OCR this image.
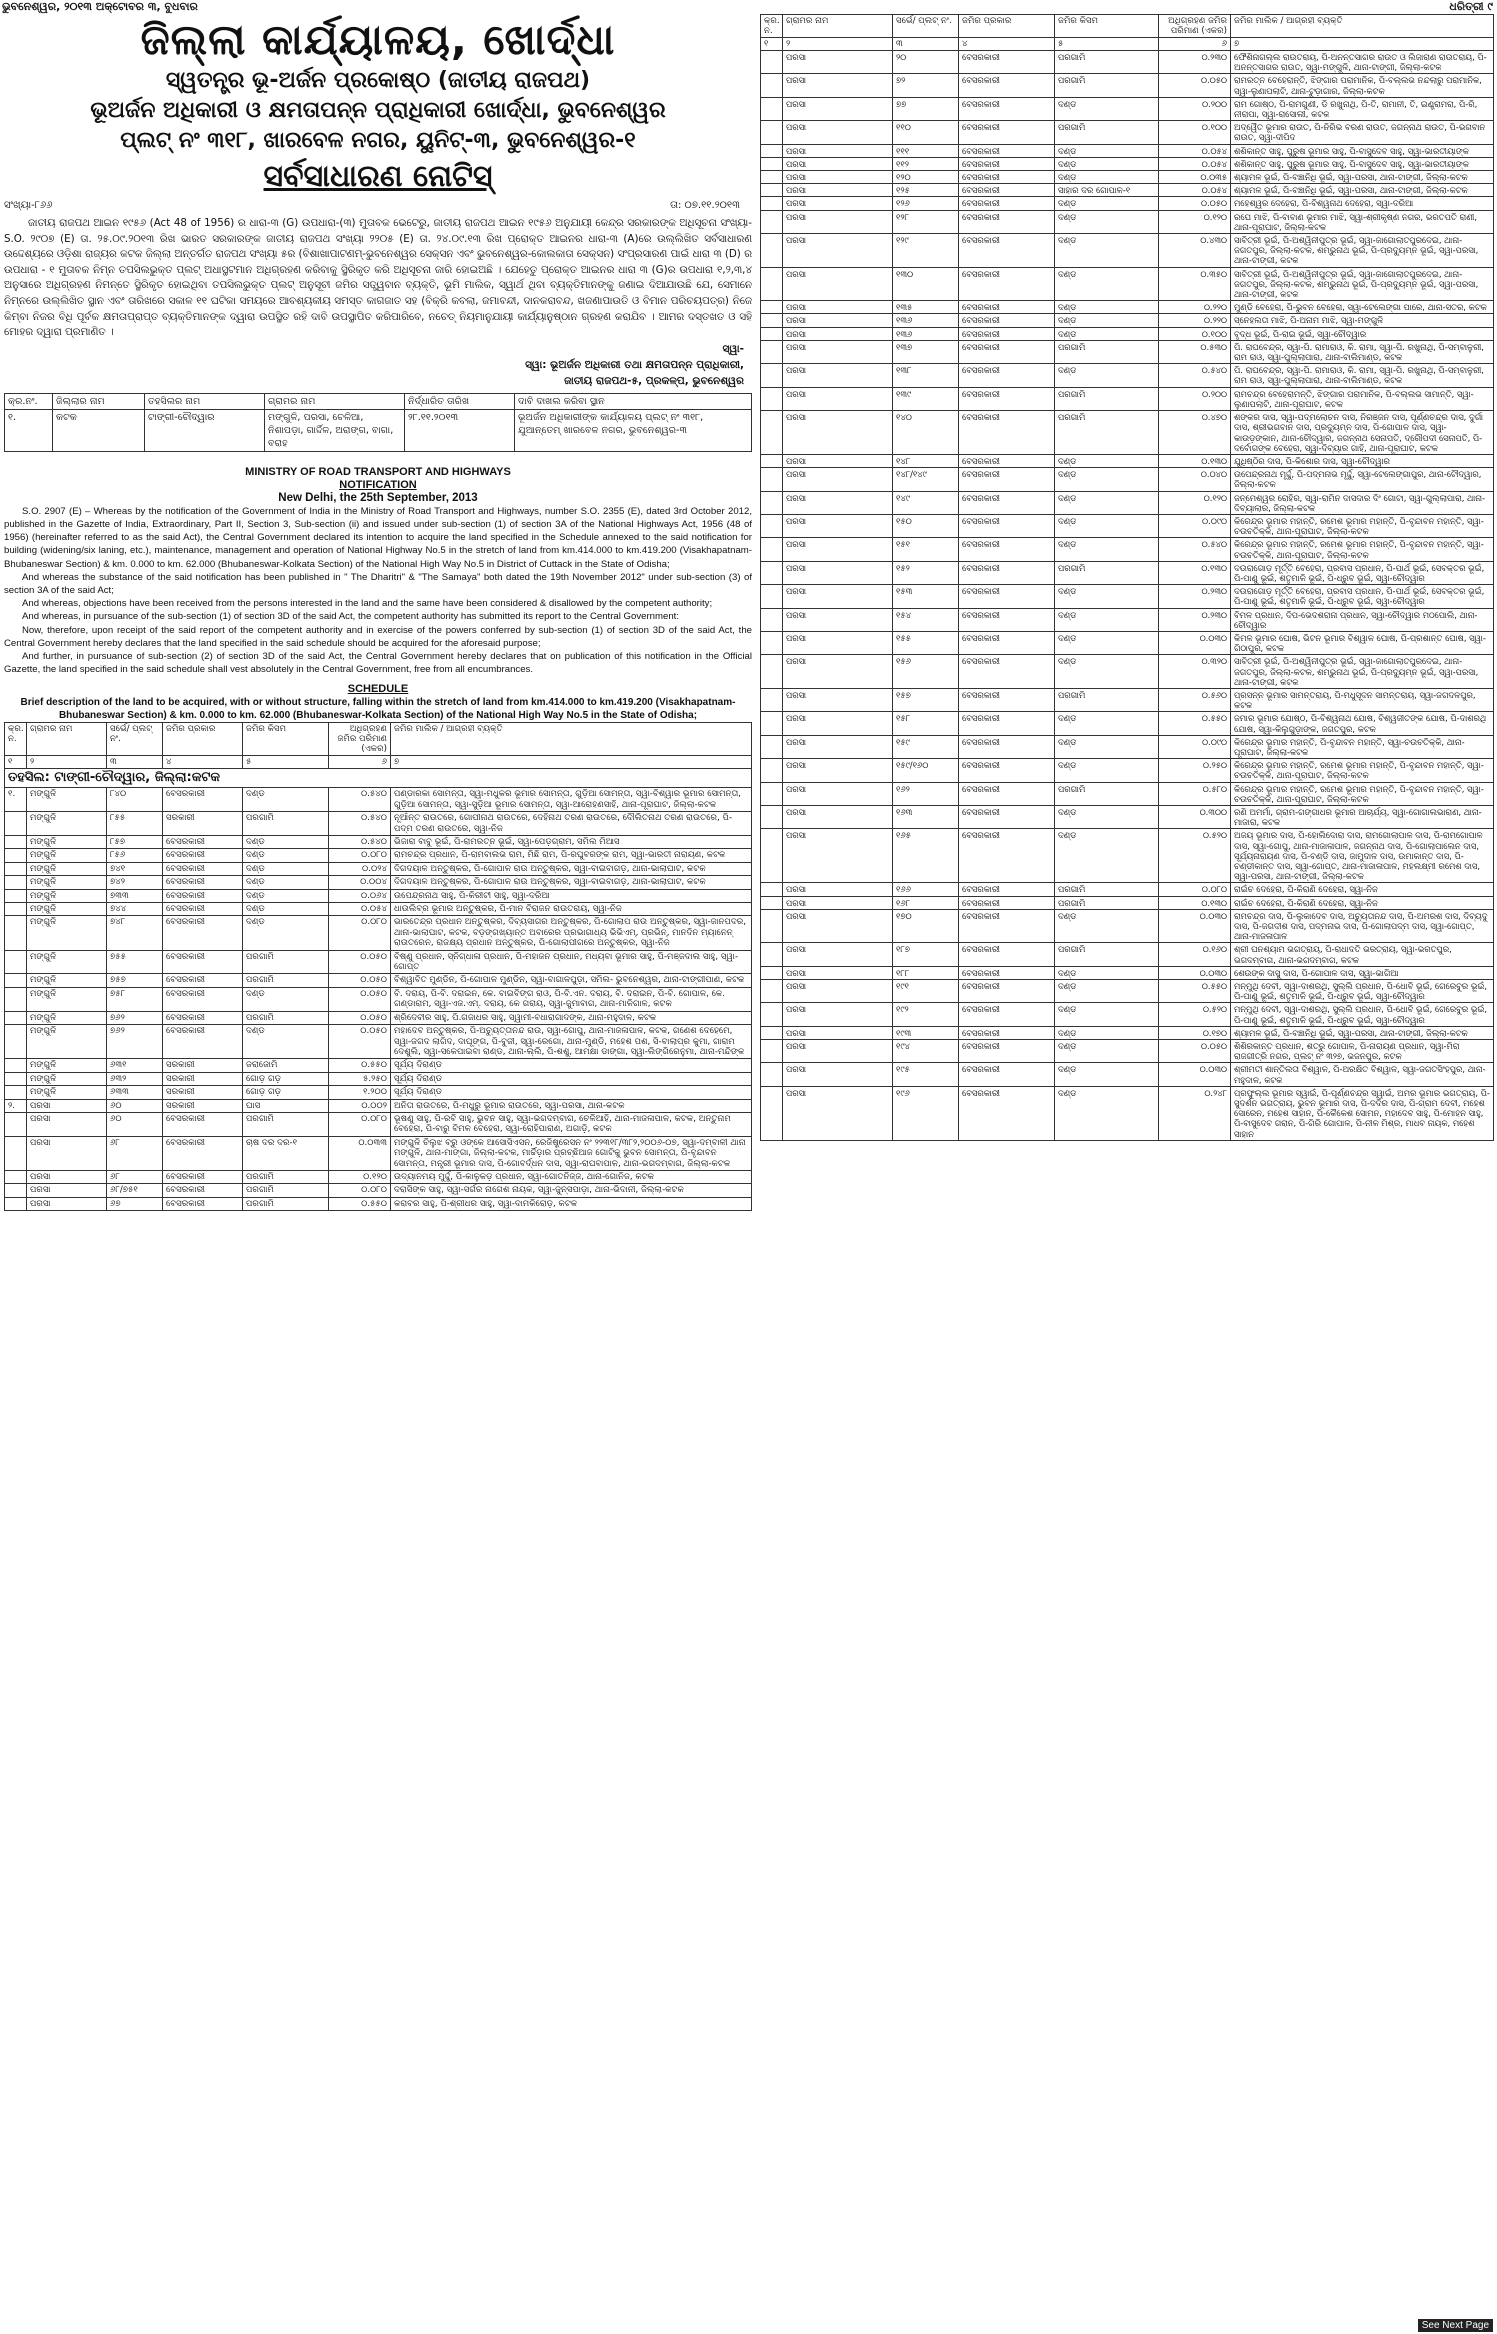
ଭୁବନେଶ୍ୱର, ୨୦୧୩ ଅକ୍ଟୋବର ୩, ବୁଧବାର	ଧରିତ୍ରୀ ୯
ଜିଲ୍ଲା କାର୍ଯ୍ୟାଳୟ, ଖୋର୍ଦ୍ଧା
ସ୍ୱତନ୍ତ୍ର ଭୂ-ଅର୍ଜନ ପ୍ରକୋଷ୍ଠ (ଜାତୀୟ ରାଜପଥ)
ଭୂଅର୍ଜନ ଅଧିକାରୀ ଓ କ୍ଷମତାପନ୍ନ ପ୍ରାଧିକାରୀ ଖୋର୍ଦ୍ଧା, ଭୁବନେଶ୍ୱର
ପ୍ଲଟ୍ ନଂ ୩୧୮, ଖାରବେଳ ନଗର, ୟୁନିଟ୍-୩, ଭୁବନେଶ୍ୱର-୧
ସର୍ବସାଧାରଣ ନୋଟିସ୍
ସଂଖ୍ୟା-୮୬୬	ତା: ୦୭.୧୧.୨୦୧୩

ଜାତୀୟ ରାଜପଥ ଆଇନ ୧୯୫୬ (Act 48 of 1956) ର ଧାରା-୩ (G) ଉପଧାରା-(୩) ମୁତାବକ ଭେଟେରୁ, ଜାତୀୟ ରାଜପଥ ଆଇନ ୧୯୫୬ ଅନୁଯାୟୀ କେନ୍ଦ୍ର ସରକାରଙ୍କ ଅଧିସୂଚନା ସଂଖ୍ୟା- S.O. ୨୯୦୭ (E) ତା. ୨୫.୦୯.୨୦୧୩ ରିଖ ଭାରତ ସରକାରଙ୍କ ଜାତୀୟ ରାଜପଥ ସଂଖ୍ୟା ୨୨୦୫ (E) ତା. ୨୪.୦୯.୧୩ ରିଖ ପ୍ରୋକ୍ତ ଆଇନର ଧାରା-୩ (A)ରେ ଉଲ୍ଲିଖିତ ସର୍ବସାଧାରଣ ଉଦ୍ଦେଶ୍ୟରେ ଓଡ଼ିଶା ରାଜ୍ୟର କଟକ ଜିଲ୍ଲା ଅନ୍ତର୍ଗତ ରାଜପଥ ସଂଖ୍ୟା ୫ର (ବିଶାଖାପାଟଣମ୍-ଭୁବନେଶ୍ୱର ସେକ୍ସନ ଏବଂ ଭୁବନେଶ୍ୱର-କୋଲକାତା ସେକ୍ସନ) ସଂପ୍ରସାରଣ ପାଇଁ ଧାରା ୩ (D) ର ଉପଧାରା - ୧ ମୁତାବକ ନିମ୍ନ ତପସିଲଭୁକ୍ତ ପ୍ଲଟ୍ ଅଧାସ୍ଥଟମାନ ଅଧିଗ୍ରହଣ କରିବାକୁ ସ୍ଥିରିକୃତ କରି ଅଧିସୂଚନା ଜାରି ହୋଇଅଛି । ଯେହେତୁ ପ୍ରୋକ୍ତ ଆଇନର ଧାରା ୩ (G)ର ଉପଧାରା ୧,୨,୩,୪ ଅନୁସାରେ ଅଧିଗ୍ରହଣ ନିମନ୍ତେ ସ୍ଥିରିକୃତ ହୋଇଥିବା ତପସିଲଭୁକ୍ତ ପ୍ଲଟ୍ ଅନୁସୂଚୀ ଜମିର ସତ୍ତ୍ୱବାନ ବ୍ୟକ୍ତି, ଭୂମି ମାଲିକ, ସ୍ୱାର୍ଥ ଥିବା ବ୍ୟକ୍ତିମାନଙ୍କୁ ଜଣାଇ ଦିଆଯାଉଛି ଯେ, ସେମାନେ ନିମ୍ନରେ ଉଲ୍ଲିଖିତ ସ୍ଥାନ ଏବଂ ତାରିଖରେ ସକାଳ ୧୧ ଘଟିକା ସମୟରେ ଆବଶ୍ୟକୀୟ ସମସ୍ତ କାଗଜାତ ସହ (ବିକ୍ରି କବଲା, ଜମାବନ୍ଦୀ, ଦାନକରାବନ୍ଦ, ଖଜଣାପାଉତି ଓ ବିମାନ ପରିଚୟପତ୍ର) ନିଜେ କିମ୍ବା ନିଜର ବିଧି ପୂର୍ବକ କ୍ଷମତାପ୍ରାପ୍ତ ବ୍ୟକ୍ତିମାନଙ୍କ ଦ୍ୱାରା ଉପସ୍ଥିତ ରହି ଦାବି ଉପସ୍ଥାପିତ କରିପାରିବେ, ନଚେତ୍ ନିୟମାନୁଯାୟୀ କାର୍ଯ୍ୟାନୁଷ୍ଠାନ ଗ୍ରହଣ କରାଯିବ । ଆମର ଦସ୍ତଖତ ଓ ସହି ମୋହର ଦ୍ୱାରା ପ୍ରମାଣିତ ।

ସ୍ୱା-
ସ୍ୱା: ଭୂଅର୍ଜନ ଅଧିକାରୀ ତଥା କ୍ଷମତାପନ୍ନ ପ୍ରାଧିକାରୀ,
ଜାତୀୟ ରାଜପଥ-୫, ପ୍ରକଳ୍ପ, ଭୁବନେଶ୍ୱର
କ୍ର.ନଂ.	ଜିଲ୍ଲାର ନାମ	ତହସିଲର ନାମ	ଗ୍ରାମର ନାମ	ନିର୍ଦ୍ଧାରିତ ତାରିଖ	ଦାବି ଦାଖଲ କରିବା ସ୍ଥାନ
୧.	କଟକ	ଟାଙ୍ଗୀ-ଚୌଦ୍ୱାର	ମଙ୍ଗୁଳି, ପରସା, ଚେଳିଆ, ନିଶାପଡ଼ା, ଗାର୍ଦ୍ଦିଳ, ଅରାଙ୍ଗ, ବାଗା, ବରାହ	୨୮.୧୧.୨୦୧୩	ଭୂଅର୍ଜନ ଅଧିକାରୀଙ୍କ କାର୍ଯ୍ୟାଳୟ ପ୍ଲଟ୍ ନଂ ୩୧୮, ଯୁଆନ୍ତେମ୍ ଖାରବେଳ ନଗର, ଭୁବନେଶ୍ୱର-୩
MINISTRY OF ROAD TRANSPORT AND HIGHWAYS
NOTIFICATION
New Delhi, the 25th September, 2013

S.O. 2907 (E) – Whereas by the notification of the Government of India in the Ministry of Road Transport and Highways, number S.O. 2355 (E), dated 3rd October 2012, published in the Gazette of India, Extraordinary, Part II, Section 3, Sub-section (ii) and issued under sub-section (1) of section 3A of the National Highways Act, 1956 (48 of 1956) (hereinafter referred to as the said Act), the Central Government declared its intention to acquire the land specified in the Schedule annexed to the said notification for building (widening/six laning, etc.), maintenance, management and operation of National Highway No.5 in the stretch of land from km.414.000 to km.419.200 (Visakhapatnam-Bhubaneswar Section) & km. 0.000 to km. 62.000 (Bhubaneswar-Kolkata Section) of the National High Way No.5 in District of Cuttack in the State of Odisha;

And whereas the substance of the said notification has been published in " The Dharitri" & "The Samaya" both dated the 19th November 2012" under sub-section (3) of section 3A of the said Act;

And whereas, objections have been received from the persons interested in the land and the same have been considered & disallowed by the competent authority;

And whereas, in pursuance of the sub-section (1) of section 3D of the said Act, the competent authority has submitted its report to the Central Government:

Now, therefore, upon receipt of the said report of the competent authority and in exercise of the powers conferred by sub-section (1) of section 3D of the said Act, the Central Government hereby declares that the land specified in the said schedule should be acquired for the aforesaid purpose;

And further, in pursuance of sub-section (2) of section 3D of the said Act, the Central Government hereby declares that on publication of this notification in the Official Gazette, the land specified in the said schedule shall vest absolutely in the Central Government, free from all encumbrances.

SCHEDULE
Brief description of the land to be acquired, with or without structure, falling within the stretch of land from km.414.000 to km.419.200 (Visakhapatnam-Bhubaneswar Section) & km. 0.000 to km. 62.000 (Bhubaneswar-Kolkata Section) of the National High Way No.5 in the State of Odisha;
କ୍ର. ନ.	ଗ୍ରାମର ନାମ	ସର୍ଭେ/ ପ୍ଲଟ୍ ନଂ.	ଜମିର ପ୍ରକାର	ଜମିର କିସମ	ଅଧିଗ୍ରହଣ ଜମିର ପରିମାଣ (ଏକର)	ଜମିର ମାଲିକ / ଆଗ୍ରହୀ ବ୍ୟକ୍ତି
୧	୨	୩	୪	୫	୬	୭
ତହସିଲ: ଟାଙ୍ଗୀ-ଚୌଦ୍ୱାର, ଜିଲ୍ଲା:କଟକ						
୧.	ମଙ୍ଗୁଳି	୮୪୦	ବେସରକାରୀ	ଦଣ୍ଡ	୦.୫୪୦	ପଣ୍ଡାରକା ସୋମନ୍ତା, ସ୍ୱା-ମଧୁକର ଭୂମାର ସୋମନ୍ତା, ଗୁଡ଼ିଆ ସୋମନ୍ତା, ସ୍ୱା-ବିଶ୍ୱାର ଭୂମାର ସୋମନ୍ତା, ଗୁଡ଼ିଆ ସୋମନ୍ତା, ସ୍ୱା-ସୁଡ଼ିଆ ଭୂମାର ସୋମନ୍ତା, ସ୍ୱା-ଆରୋହଣସାହି, ଥାନା-ପୂରାଘାଟ, ଜିଲ୍ଲା-କଟକ
	ମଙ୍ଗୁଳି	୮୫୫	ସରକାରୀ	ପରଗାମି	୦.୫୪୦	ନୂଆଁନ୍ତ ରାଉତରେ, ଗୋପୀନାଥ ରାଉତରେ, ଦେହିନାଥ ତରଣ ରାଉତରେ, ଦୌଲିତନାଥ ତରଣ ରାଉତରେ, ପି-ପଦ୍ମ ତରଣ ରାଉତରେ, ସ୍ୱା-ନିଜ
	ମଙ୍ଗୁଳି	୮୫୭	ବେସରକାରୀ	ଦଣ୍ଡ	୦.୫୪୦	ଭିଜାରା ବାବୁ ଭୂଇଁ, ପି-ରାମରତ୍ନ ଭୂଇଁ, ସ୍ୱା-ପେଡ଼ଗ୍ରାମ, ସମିଲ ମିଆସ
	ମଙ୍ଗୁଳି	୮୫୬	ବେସରକାରୀ	ଦଣ୍ଡ	୦.୦୮୦	ରାମଚନ୍ଦ୍ର ପ୍ରଧାନ, ପି-ରାମବାଲଭ ରାମ, ମିଛି ରାମ, ପି-ରଘୁବରଙ୍କ ରାମ, ସ୍ୱା-ଭାରତୀ ନାରାୟଣ, କଟକ
	ମଙ୍ଗୁଳି	୭୪୧	ବେସରକାରୀ	ଦଣ୍ଡ	୦.୦୨୪	ଦିଗଦୟାଳ ଅନ୍ତୁଷ୍କର, ପି-ଗୋପାଳ ରାଉ ଅନ୍ତୁଷ୍କର, ସ୍ୱା-ବାଇବାଗଡ଼, ଥାନା-ଭାଲାଘାଟ, କଟକ
	ମଙ୍ଗୁଳି	୭୪୨	ବେସରକାରୀ	ଦଣ୍ଡ	୦.୦୦୪	ଦିଗଦୟାଳ ଅନ୍ତୁଷ୍କର, ପି-ଗୋପାଳ ରାଉ ଅନ୍ତୁଷ୍କର, ସ୍ୱା-ବାଇବାଗଡ଼, ଥାନା-ଭାଲାଘାଟ, କଟକ
	ମଙ୍ଗୁଳି	୭୩୩	ବେସରକାରୀ	ଦଣ୍ଡ	୦.୦୬୪	ଉପେନ୍ଦ୍ରନାଥ ସାହୁ, ପି-କିରୀଟୀ ସାହୁ, ସ୍ୱା-ଦରିଆ
	ମଙ୍ଗୁଳି	୭୪୪	ବେସରକାରୀ	ଦଣ୍ଡ	୦.୦୫୪	ଧାଉଲିବ୍ର ଭୂମାର ଅନ୍ତୁଷ୍କର, ପି-ମାନ ବିରାଜନ ରାଉତରାୟ, ସ୍ୱା-ନିଜ
	ମଙ୍ଗୁଳି	୭୪୮	ବେସରକାରୀ	ଦଣ୍ଡ	୦.୦୮୦	ଭାରତେନ୍ଦ୍ର ପ୍ରଧାନ ଅନ୍ତୁଷ୍କର, ଦିବ୍ୟସାଗର ଅନ୍ତୁଷ୍କର, ପି-ଗୋଲାପ ରାଉ ଅନ୍ତୁଷ୍କର, ସ୍ୱା-ଜାନପଦର, ଥାନା-ଭାଲାଘାଟ, କଟକ, ବଡ଼ଙ୍ଗଖ୍ୟାନ୍ତ ଅବାରେର ପ୍ରଭାଗାଧ୍ୟ ଭିଭିଏମ୍, ପ୍ରଭିନ୍, ମାନଦିନ ମ୍ୟାନେନ୍ ରାଉତରେନ, ରାଜକ୍ଷ୍ୟ ପ୍ରଧାନ ଅନ୍ତୁଷ୍କର, ପି-ଗୋଲାପୀଗରେ ଅନ୍ତୁଷ୍କର, ସ୍ୱା-ନିଜ
	ମଙ୍ଗୁଳି	୭୫୫	ବେସରକାରୀ	ପରଗାମି	୦.୦୫୦	ବିଷ୍ଣୁ ପ୍ରଧାନ, ସ୍ନିଗ୍ଧାଳା ପ୍ରଧାନ, ପି-ମହାଜନ ପ୍ରଧାନ, ମଧ୍ୟବା ଭୂମାର ସାହୁ, ପି-ମଞ୍ଜଦାଲ ସାହୁ, ସ୍ୱା-ଗୋପ୍ତ
	ମଙ୍ଗୁଳି	୭୫୭	ବେସରକାରୀ	ପରଗାମି	୦.୦୫୦	ବିଶ୍ୱାବିତ ମୁଣ୍ଡିନ, ପି-ଗୋପାଳ ମୁଣ୍ଡିନ, ସ୍ୱା-ବାଗାଳପୁଡ଼ା, ସମିଲ- ଭୁବନେଶ୍ୱର, ଥାନା-ଟାଙ୍ଗୀପାଣ, କଟକ
	ମଙ୍ଗୁଳି	୭୫୮	ବେସରକାରୀ	ଦଣ୍ଡ	୦.୦୫୦	ବି. ଦରାୟ, ପି-ବି. ଦରାଇନ, କେ. ବାଇବିଙ୍ଗ ରାଓ, ପି-ବି.ଏନ. ଦରାୟ, ବି. ଦରାଇନ, ପି-ବି. ଗୋପାଳ, କେ. ଗଣ୍ଡାରାମ, ସ୍ୱା-ଏଜ.ଏମ୍. ଦରାୟ, କେ ଗରାୟ, ସ୍ୱା-ଜୁମାବାଗ, ଥାନା-ମାଳିଗାଳ, କଟକ
	ମଙ୍ଗୁଳି	୭୬୨	ବେସରକାରୀ	ପରଗାମି	୦.୦୫୦	ଶ୍ରିଦେବୀର ସାହୁ, ପି.ଗଜାଧର ସାହୁ, ସ୍ୱାମୀ-ବଧାରାଗାଦଙ୍କ, ଥାନା-ମହୁଦାଳ, କଟକ
	ମଙ୍ଗୁଳି	୭୬୨	ବେସରକାରୀ	ଦଣ୍ଡ	୦.୦୫୦	ମହାଦେବ ଅନ୍ତୁଷ୍କର, ପି-ଅଚ୍ୟୁତ୍ତାନନ୍ଦ ରାଉ, ସ୍ୱା-ଗୋପୁ, ଥାନା-ମାଜଳାପାଳ, କଟକ, ଗଣେଶ ଦେହେମେ, ସ୍ୱା-ଜଗଦ ଲାଗିଦ, ଦାଘୂଙ୍ଗ, ପି-ବୁଜୀ, ସ୍ୱା-ରେଗୋ, ଥାନା-ମୁଣ୍ଡି, ମହେଶ ପଶ, ସି-ବାଲାପ୍ର କୁମା, ଗାରାମ ଦେଶୁଲି, ସ୍ୱା-ସକେପାଇବା ରାଣ୍ଡ, ଥାନା-ଲ୍ଲି, ପି-ଶଶୁ, ଆମକ୍ଷା ଡାଙ୍ଗା, ସ୍ୱା-ଲିଙ୍ଗିରେନୁମା, ଥାନା-ମନ୍ଦିଙ୍କ
	ମଙ୍ଗୁଳି	୬୩୧	ସରକାରୀ	ଜରାଜୋମି	୦.୫୫୦	ସୂର୍ଯ୍ୟ ଦିରାଣ୍ଡ
	ମଙ୍ଗୁଳି	୬୩୨	ସରକାରୀ	ଗୋଡ଼ ଗଡ଼	୫.୨୫୦	ସୂର୍ଯ୍ୟ ଦିରାଣ୍ଡ
	ମଙ୍ଗୁଳି	୬୩୩	ସରକାରୀ	ଗୋଡ଼ ଗଡ଼	୧.୨୦୦	ସୂର୍ଯ୍ୟ ଦିରାଣ୍ଡ
୨.	ପରସା	୬୦	ସରକାରୀ	ଘାସ	୦.୦୦୨	ଅନିତା ରାଉତରେ, ପି-ମଧୁରୁ ଭୂମାର ରାଉତରେ, ସ୍ୱା-ପରସା, ଥାନା-କଟକ
	ପରସା	୬୦	ବେସରକାରୀ	ପରଗାମି	୦.୦୮୦	ଭୂଷଣୁ ସାହୁ, ପି-ରବି ସାହୁ, ଭୁବନ ସାହୁ, ସ୍ୱା-ଭଗଦମ୍ବାଗ, ଚେଳିଆହି, ଥାନା-ମାଜଳାପାଳ, କଟକ, ଅନ୍ତୁନାମ ବେହେରା, ପି-ବାରୁ ବିମଳ ବେହେରା, ସ୍ୱା-ରୋହିପାରାଣ, ଅଗାଡ଼ି, କଟକ
	ପରସା	୬୮	ବେସରକାରୀ	ଚାଷ ଦର ଦର-୧	୦.୦୩୩	ମଙ୍ଗୁଳି ଚିଲୁଝ ବ୍ରୁ ଓଙ୍କେ ଆସୋସିଏସନ, ରେଜିଷ୍ଟ୍ରେସନ ନଂ ୨୨୩୧୮/୩୮୨,୨୦୦୬-୦୭, ସ୍ୱା-ଦମ୍ବାଳୀ ଥାନା ମଙ୍ଗୁଳି, ଥାନା-ମାଙ୍ଗା, ଜିଲ୍ଲା-କଟକ, ମାର୍ଚ୍ଚିଡ଼ାର ପ୍ରଚ୍ଛିଆଜ ଗୋଟିକୁ ଭୁବନ ସୋମନ୍ତା, ପି-ବୃନ୍ଦାବନ ସୋମନ୍ତା, ମନ୍ତ୍ରୀ ଭୂମାର ଦାସ, ପି-ଗୋବର୍ଦ୍ଧନ ଦାସ, ସ୍ୱା-ରାଘବାପାଳ, ଥାନା-ଭଗଦମ୍ବାଗ, ଜିଲ୍ଲା-କଟକ
	ପରସା	୬୮	ବେସରକାରୀ	ପରଗାମି	୦.୧୨୦	ଉଦ୍ୟାନମୟ ମୁର୍ଦ୍ଦୁ, ପି-କାଳୁକଡ଼ ପ୍ରଧାନ, ସ୍ୱା-ଗୋତନିଜ୍ଜ, ଥାନା-ଗୋନିଜ, କଟକ
	ପରସା	୬୮/୭୫୧	ବେସରକାରୀ	ପରଗାମି	୦.୦୮୦	ଦରାସିଙ୍କ ସାହୁ, ସ୍ୱା-ସର୍ଗର ନାଗେଶ ନାୟକ, ସ୍ୱା-ଜୁନ୍ସପାଡ଼ା, ଥାନା-ଭିଦାନୀ, ଜିଲ୍ଲା-କଟକ
	ପରସା	୬୭	ବେସରକାରୀ	ପରଗାମି	୦.୫୫୦	କରାବର ସାହୁ, ପି-ଶ୍ରୀଧର ସାହୁ, ସ୍ୱା-ଦାମକିରୋଡ଼, କଟକ
କ୍ର. ନ.	ଗ୍ରାମର ନାମ	ସର୍ଭେ/ ପ୍ଲଟ୍ ନଂ.	ଜମିର ପ୍ରକାର	ଜମିର କିସମ	ଅଧିଗ୍ରହଣ ଜମିର ପରିମାଣ (ଏକର)	ଜମିର ମାଲିକ / ଆଗ୍ରହୀ ବ୍ୟକ୍ତି
୧	୨	୩	୪	୫	୬	୭
	ପରସା	୨୦	ବେସରକାରୀ	ପରଗାମି	୦.୨୩୦	ଫୈଶିନାଗଲ୍ଲ ରାଉତରାୟ, ପି-ଅନନ୍ତସାଗର ରାଉତ ଓ ଲିଜାରାଣ ରାଉତରାୟ, ପି-ଅନନ୍ତସାଗର ରାଉତ, ସ୍ୱା-ମଙ୍ଗୁଳି, ଥାନା-ଟାଙ୍ଗୀ, ଜିଲ୍ଲା-କଟକ
	ପରସା	୭୨	ବେସରକାରୀ	ପରଗାମି	୦.୦୫୦	ରାମରତ୍ନ ବେହେରାନ୍ତି, ଝିଙ୍ଗାର ପରାମାନିକ, ପି-ବଲ୍ଲଭ ନନ୍ଦଲାରୁ ପରାମାନିକ, ସ୍ୱା-ଲୁଣାପଲାଟି, ଥାନା-ଟୁଡ଼ାଗାର, ଜିଲ୍ଲା-କଟକ
	ପରସା	୭୭	ବେସରକାରୀ	ଦଣ୍ଡ	୦.୨୦୦	ରାମ ଗୋଷ୍ଠ, ପି-ରାମଗୁଣୀ, ଡି ରଖୁନାଥି, ପି-ତି, ରାମାନୀ, ତି, ଇଣ୍ଡ୍ରାମରା, ପି-ରି, ନୀରାପା, ସ୍ୱା-ରାସୋଲୀ, କଟକ
	ପରସା	୧୧୦	ବେସରକାରୀ	ପରଗାମି	୦.୧୦୦	ଅଦ୍ୱୈତ ଭୂମାର ରାଉତ, ପି-ନିରିଭ ବରଣ ରାଉତ, ଜଗନ୍ନାଥ ରାଉତ, ପି-ଭଗବାନ ରାଉତ, ସ୍ୱା-ଦୀପିଦ
	ପରସା	୧୧୧	ବେସରକାରୀ	ଦଣ୍ଡ	୦.୦୫୪	ଶଶିକାନ୍ତ ସାହୁ, ପୁରୁଷ ଭୂମାର ସାହୁ, ପି-ବାସୁଦେବ ସାହୁ, ସ୍ୱା-ଭାରତୀୟାଙ୍କ
	ପରସା	୧୧୨	ବେସରକାରୀ	ଦଣ୍ଡ	୦.୦୫୪	ଶଶିକାନ୍ତ ସାହୁ, ପୁରୁଷ ଭୂମାର ସାହୁ, ପି-ବାସୁଦେବ ସାହୁ, ସ୍ୱା-ଭାରତୀୟାଙ୍କ
	ପରସା	୧୨୦	ବେସରକାରୀ	ଦଣ୍ଡ	୦.୦୩୫	ଶ୍ୟାମଳ ଭୂଇଁ, ପି-ବଞ୍ଚାନିଧି ଭୂଇଁ, ସ୍ୱା-ପରସା, ଥାନା-ଟାଙ୍ଗୀ, ଜିଲ୍ଲା-କଟକ
	ପରସା	୧୨୫	ବେସରକାରୀ	ସାହାର ଦର ଗୋପାଳ-୧	୦.୦୫୪	ଶ୍ୟାମଳ ଭୂଇଁ, ପି-ବଞ୍ଚାନିଧି ଭୂଇଁ, ସ୍ୱା-ପରସା, ଥାନା-ଟାଙ୍ଗୀ, ଜିଲ୍ଲା-କଟକ
	ପରସା	୧୨୬	ବେସରକାରୀ	ଦଣ୍ଡ	୦.୦୫୦	ମହେଶ୍ୱର ଦେହେରା, ପି-ବିଶ୍ୱନାଥ ଦେହେରା, ସ୍ୱା-ଦରିଆ
	ପରସା	୧୨୮	ବେସରକାରୀ	ଦଣ୍ଡ	୦.୧୨୦	ରଘେ ମାଝି, ପି-ବାବାଣ ଭୂମାର ମାଝି, ସ୍ୱା-ଶ୍ରୀକୃଷ୍ଣ ନଗର, ଭରତପତି ରାଣୀ, ଥାନା-ପୂରାଘାଟ, ଜିଲ୍ଲା-କଟକ
	ପରସା	୧୨୯	ବେସରକାରୀ	ଦଣ୍ଡ	୦.୪୩୦	ସାବିତ୍ରୀ ଭୂଇଁ, ପି-ଅଶ୍ୱିନୀପୁତ୍ର ଭୂଇଁ, ସ୍ୱା-ଜାଗୋଲାତପୁରଦେଇ, ଥାନା-ଜଗତପୁର, ଜିଲ୍ଲା-କଟକ, ଶମ୍ଭୁନାଥ ଭୂଇଁ, ପି-ପ୍ରଦ୍ୟୁମ୍ନ ଭୂଇଁ, ସ୍ୱା-ପରସା, ଥାନା-ଟାଙ୍ଗୀ, କଟକ
	ପରସା	୧୩୦	ବେସରକାରୀ	ଦଣ୍ଡ	୦.୩୫୦	ସାବିତ୍ରୀ ଭୂଇଁ, ପି-ଅଶ୍ୱିନୀପୁତ୍ର ଭୂଇଁ, ସ୍ୱା-ଜାଗୋଲାତପୁରଦେଇ, ଥାନା-ଜଗତପୁର, ଜିଲ୍ଲା-କଟକ, ଶମ୍ଭୁନାଥ ଭୂଇଁ, ପି-ପ୍ରଦ୍ୟୁମ୍ନ ଭୂଇଁ, ସ୍ୱା-ପରସା, ଥାନା-ଟାଙ୍ଗୀ, କଟକ
	ପରସା	୧୩୫	ବେସରକାରୀ	ଦଣ୍ଡ	୦.୨୨୦	ମୁଣ୍ଡି ବେହେରା, ପି-ଭୁବନ ବେହେରା, ସ୍ୱା-ଟେଲେଙ୍ଗା ପାରେ, ଥାନା-ସତର, କଟକ
	ପରସା	୧୩୬	ବେସରକାରୀ	ଦଣ୍ଡ	୦.୨୨୦	ସ୍ନେହଲତା ମାଝି, ପି-ଅନାମ ମାଝି, ସ୍ୱା-ମଙ୍ଗୁଳି
	ପରସା	୧୩୬	ବେସରକାରୀ	ଦଣ୍ଡ	୦.୧୦୦	ବୃଦ୍ଧ ଭୂଇଁ, ପି-ରାଇ ଭୂଇଁ, ସ୍ୱା-ଚୌଦ୍ୱାର
	ପରସା	୧୩୭	ବେସରକାରୀ	ପରଗାମି	୦.୫୩୦	ପି. ରାଘବେନ୍ଦ୍ର, ସ୍ୱା-ପି. ରାମାରାଓ, କି. ରାମା, ସ୍ୱା-ପି. ରଖୁନାଥି, ପି-ସମ୍ବାଳୁରୀ, ରାମ ରାଓ, ସ୍ୱା-ପୁଲ୍ଲାପାରା, ଥାନା-ବାଲିମାଣ୍ଡ, କଟକ
	ପରସା	୧୩୮	ବେସରକାରୀ	ଦଣ୍ଡ	୦.୫୪୦	ପି. ରାଘବେନ୍ଦ୍ର, ସ୍ୱା-ପି. ରାମାରାଓ, କି. ରାମା, ସ୍ୱା-ପି. ରଖୁନାଥି, ପି-ସମ୍ବାଳୁରୀ, ରାମ ରାଓ, ସ୍ୱା-ପୁଲ୍ଲାପାରା, ଥାନା-ବାଲିମାଣ୍ଡ, କଟକ
	ପରସା	୧୩୯	ବେସରକାରୀ	ପରଗାମି	୦.୨୦୦	ରାମଚନ୍ଦ୍ର ବେହେରାମନ୍ତି, ଝିଙ୍ଗାର ପରାମାନିକ, ପି-ବଲ୍ଲଭ ସାମାନ୍ତି, ସ୍ୱା-ଲୁଣାପଲାଟି, ଥାନା-ପୂରାଘାଟ, କଟକ
	ପରସା	୧୪୦	ବେସରକାରୀ	ପରଗାମି	୦.୪୭୦	ଶଙ୍କର ଦାସ, ସ୍ୱା-ପଦ୍ମଲୋଚନ ଦାସ, ନିରଞ୍ଜନ ଦାସ, ପୂର୍ଣ୍ଣଚନ୍ଦ୍ର ଦାସ, ଦୁର୍ଗା ଦାସ, ଶ୍ରୀଭଗବାନ ଦାସ, ପ୍ରଦ୍ୟୁମ୍ନ ଦାସ, ପି-ଗୋପାଳ ଦାସ, ସ୍ୱା-କାଉଡ଼ଙ୍କାନ, ଥାନା-ଚୌଦ୍ୱାର, ଜଗନ୍ନାଥ ସେନାପତି, ଦ୍ରୌପଦୀ ସେନାପତି, ପି-ଦର୍ବୋଗଙ୍କ ବେହେରା, ସ୍ୱା-ଦିବ୍ୟାର ଗାହି, ଥାନା-ପୂରାଘାଟ, କଟକ
	ପରସା	୧୪୮	ବେସରକାରୀ	ଦଣ୍ଡ	୦.୧୩୦	ଯୁଧିଷ୍ଠିର ଦାସ, ପି-କିଶୋର ଦାସ, ସ୍ୱା-ଚୌଦ୍ୱାର
	ପରସା	୧୪୮/୧୪୯	ବେସରକାରୀ	ଦଣ୍ଡ	୦.୦୪୦	ଉପେନ୍ଦ୍ରନାଥ ମୂର୍ଦ୍ଦୁ, ପି-ପଦ୍ମନାଭ ମୂର୍ଦ୍ଦୁ, ସ୍ୱା-ଟେଲେଙ୍ଗାପୁର, ଥାନା-ଟୌଦ୍ୱାର, ଜିଲ୍ଲା-କଟକ
	ପରସା	୧୪୯	ବେସରକାରୀ	ଦଣ୍ଡ	୦.୧୨୦	ଜନ୍ମେଶ୍ୱର ରୋହିର, ସ୍ୱା-ରାମିନ ଦାସଦାର ଦିଂ ଗୋଟା, ସ୍ୱା-ଗୁଲ୍ଲାପାରା, ଥାନା-ଦିବ୍ୟାଲାର, ଜିଲ୍ଲା-କଟକ
	ପରସା	୧୫୦	ବେସରକାରୀ	ଦଣ୍ଡ	୦.୦୯୦	କିରେନ୍ଦ୍ର ଭୂମାର ମହାନ୍ତି, ରମେଶ ଭୂମାର ମହାନ୍ତି, ପି-ବୃନ୍ଦାବନ ମହାନ୍ତି, ସ୍ୱା-ଚଉଚତିକ୍କି, ଥାନା-ପୂରାଘାଟ, ଜିଲ୍ଲା-କଟକ
	ପରସା	୧୫୧	ବେସରକାରୀ	ଦଣ୍ଡ	୦.୫୪୦	କିରେନ୍ଦ୍ର ଭୂମାର ମହାନ୍ତି, ରମେଶ ଭୂମାର ମହାନ୍ତି, ପି-ବୃନ୍ଦାବନ ମହାନ୍ତି, ସ୍ୱା-ଚଉଚତିକ୍କି, ଥାନା-ପୂରାଘାଟ, ଜିଲ୍ଲା-କଟକ
	ପରସା	୧୫୨	ବେସରକାରୀ	ପରଗାମି	୦.୧୩୦	ଦଉରାଗୋଡ଼ ମୂର୍ତ୍ତି ବେହେରା, ପ୍ରବାସ ପ୍ରଧାନ, ପି-ପାର୍ଥ ଭୂଇଁ, ସେବକ୍ତର ଭୂଇଁ, ପି-ପାଣୁ ଭୂଇଁ, ଶତୃମାଳି ଭୂଇଁ, ପି-ଧ୍ରୁବ ଭୂଇଁ, ସ୍ୱା-ଚୌଦ୍ୱାର
	ପରସା	୧୫୩	ବେସରକାରୀ	ଦଣ୍ଡ	୦.୨୩୦	ଦଉରାଗୋଡ଼ ମୂର୍ତ୍ତି ବେହେରା, ପ୍ରବାସ ପ୍ରଧାନ, ପି-ପାର୍ଥ ଭୂଇଁ, ସେବକ୍ତର ଭୂଇଁ, ପି-ପାଣୁ ଭୂଇଁ, ଶତୃମାଳି ଭୂଇଁ, ପି-ଧ୍ରୁବ ଭୂଇଁ, ସ୍ୱା-ଚୌଦ୍ୱାର
	ପରସା	୧୫୪	ବେସରକାରୀ	ଦଣ୍ଡ	୦.୨୩୦	ବିମଳ ପ୍ରଧାନ, ଦିପ-ଭେଦଶରାନା ପ୍ରଧାନ, ସ୍ୱା-ଚୌଦ୍ୱାର ମଠପୋଲି, ଥାନା-ଚୌଦ୍ୱାର
	ପରସା	୧୫୫	ବେସରକାରୀ	ଦଣ୍ଡ	୦.୦୩୦	କିମଳ ଭୂମାର ଘୋଷ, ଭିଟନ ଭୂମାର ବିଶ୍ୱାଳ ଘୋଷ, ପି-ପ୍ରଶାନ୍ତ ଘୋଷ, ସ୍ୱା-ଗିଠାପୁର, କଟକ
	ପରସା	୧୫୬	ବେସରକାରୀ	ଦଣ୍ଡ	୦.୩୨୦	ସାବିତ୍ରୀ ଭୂଇଁ, ପି-ଅଶ୍ୱିନୀପୁତ୍ର ଭୂଇଁ, ସ୍ୱା-ଜାଗୋଲାତପୁରଦେଇ, ଥାନା-ଜଗତପୁର, ଜିଲ୍ଲା-କଟକ, ଶମ୍ଭୁନାଥ ଭୂଇଁ, ପି-ପ୍ରଦ୍ୟୁମ୍ନ ଭୂଇଁ, ସ୍ୱା-ପରସା, ଥାନା-ଟାଙ୍ଗୀ, କଟକ
	ପରସା	୧୫୭	ବେସରକାରୀ	ପରଗାମି	୦.୫୬୦	ପ୍ରସନ୍ନ ଭୂମାର ସାମନ୍ତରାୟ, ପି-ମଧୁସୂଦନ ସାମନ୍ତରାୟ, ସ୍ୱା-ଜଗଦଳପୁର, କଟକ
	ପରସା	୧୫୮	ବେସରକାରୀ	ଦଣ୍ଡ	୦.୫୫୦	ଜମାର ଭୂମାର ଯୋଷ୍ଠ, ପି-ବିଶ୍ୱନାଥ ଯୋଷ, ବିଶ୍ୱଜୀତଙ୍କ ଯୋଷ, ପି-ଦାଶରଥି ଯୋଷ, ସ୍ୱା-କିଲୁଗୁଡ଼ାଙ୍କ, ଜଗତପୁର, କଟକ
	ପରସା	୧୫୯	ବେସରକାରୀ	ଦଣ୍ଡ	୦.୦୯୦	କିରେନ୍ଦ୍ର ଭୂମାର ମହାନ୍ତି, ପି-ବୃନ୍ଦାବନ ମହାନ୍ତି, ସ୍ୱା-ଚଉଚତିକ୍କି, ଥାନା-ପୂରାଘାଟ, ଜିଲ୍ଲା-କଟକ
	ପରସା	୧୫୯/୧୬୦	ବେସରକାରୀ	ଦଣ୍ଡ	୦.୨୫୦	କିରେନ୍ଦ୍ର ଭୂମାର ମହାନ୍ତି, ରମେଶ ଭୂମାର ମହାନ୍ତି, ପି-ବୃନ୍ଦାବନ ମହାନ୍ତି, ସ୍ୱା-ଚଉଚତିକ୍କି, ଥାନା-ପୂରାଘାଟ, ଜିଲ୍ଲା-କଟକ
	ପରସା	୧୬୨	ବେସରକାରୀ	ପରଗାମି	୦.୫୮୦	କିରେନ୍ଦ୍ର ଭୂମାର ମହାନ୍ତି, ରମେଶ ଭୂମାର ମହାନ୍ତି, ପି-ବୃନ୍ଦାବନ ମହାନ୍ତି, ସ୍ୱା-ଚଉଚତିକ୍କି, ଥାନା-ପୂରାଘାଟ, ଜିଲ୍ଲା-କଟକ
	ପରସା	୧୬୩	ବେସରକାରୀ	ଦଣ୍ଡ	୦.୩୦୦	ରଣି ଅମର୍ମା, ଗ୍ରାମ-ଗଙ୍ଗାଧର ଭୂମାର ଆଚାର୍ଯ୍ୟ, ସ୍ୱା-ଗୋଗାଲଭାରାଣ, ଥାନା-ମାଜାରା, କଟକ
	ପରସା	୧୬୫	ବେସରକାରୀ	ଦଣ୍ଡ	୦.୫୨୦	ଅଜୟ ଭୂମାର ଦାସ, ପି-ହୋଲିଦୋରା ଦାସ, ରାମଗୋଲାପାଳ ଦାସ, ପି-ରାମଗୋପାଳ ଦାସ, ସ୍ୱା-ଗୋପୁ, ଥାନା-ମାଜାଳାପାଳ, ଜଗନ୍ନାଥ ଦାସ, ପି-ଗୋଲାପାଲେନ ଦାସ, ସୂର୍ଯ୍ୟନାରାୟଣ ଦାସ, ପି-ବଣ୍ଡି ଦାସ, ଜାମୁଦାଳ ଦାସ, ଉମାକାନ୍ତ ଦାସ, ପି-ଚଣ୍ଡୀକାନ୍ତ ଦାସ, ସ୍ୱା-ଗୋପ୍ତ, ଥାନା-ମାଜାଳାପାଳ, ମହଲକ୍ଷ୍ମୀ ରମେଶ ଦାସ, ସ୍ୱା-ପରସା, ଥାନା-ଟାଙ୍ଗୀ, ଜିଲ୍ଲା-କଟକ
	ପରସା	୧୬୬	ବେସରକାରୀ	ପରଗାମି	୦.୦୮୦	ରାଇଁଚ ଦେହେରା, ପି-କିରାଣି ଦେହେରା, ସ୍ୱା-ନିଜ
	ପରସା	୧୬୮	ବେସରକାରୀ	ପରଗାମି	୦.୧୩୦	ରାଇଁଚ ଦେହେରା, ପି-କିରାଣି ଦେହେରା, ସ୍ୱା-ନିଜ
	ପରସା	୧୭୦	ବେସରକାରୀ	ଦଣ୍ଡ	୦.୦୩୦	ରାମଚନ୍ଦ୍ର ଦାସ, ପି-ଲୁକାଦେବ ଦାସ, ଅଚ୍ୟୁତାନନ୍ଦ ଦାସ, ପି-ଅମରଶ ଦାସ, ଦିବ୍ୟଦୁ ଦାସ, ପି-ଜଗଦୀଶ ଦାସ, ପଦ୍ମନାଭ ଦାସ, ପି-ଗୋଲାପଦ୍ମ ଦାସ, ସ୍ୱା-ଗୋପ୍ତ, ଥାନା-ମାଜଳାପାଳ
	ପରସା	୧୮୭	ବେସରକାରୀ	ପରଗାମି	୦.୧୬୦	ଶ୍ରୀ ଘନଶ୍ୟାମ ଭଗତ୍ରାୟ, ପି-ରାଧାଦତି ଭରତ୍ରାୟ, ସ୍ୱା-ଭରତପୁର, ଭଗଦମ୍ବାଗ, ଥାନା-ଭଗଦମ୍ବାଗ, କଟକ
	ପରସା	୧୮୮	ବେସରକାରୀ	ଦଣ୍ଡ	୦.୦୩୦	ଶେଉଙ୍କ ଦାସୁ ଦାସ, ପି-ଗୋପାଳ ଦାସ, ସ୍ୱା-ଭାଗିଆ
	ପରସା	୧୯୧	ବେସରକାରୀ	ଦଣ୍ଡ	୦.୫୫୦	ମନ୍ମୁଥି ଦେବୀ, ସ୍ୱା-ଦାଶରଥି, ସୁଲ୍ଲି ପ୍ରଧାନ, ପି-ଧୋବି ଭୂଇଁ, ଗେରେବୁର ଭୂଇଁ, ପି-ପାଣୁ ଭୂଇଁ, ଶତୃମାଳି ଭୂଇଁ, ପି-ଧ୍ରୁବ ଭୂଇଁ, ସ୍ୱା-ଚୌଦ୍ୱାର
	ପରସା	୧୯୨	ବେସରକାରୀ	ଦଣ୍ଡ	୦.୫୨୦	ମନ୍ମୁଥି ଦେବୀ, ସ୍ୱା-ଦାଶରଥି, ସୁଲ୍ଲି ପ୍ରଧାନ, ପି-ଧୋବି ଭୂଇଁ, ଗେରେବୁର ଭୂଇଁ, ପି-ପାଣୁ ଭୂଇଁ, ଶତୃମାଳି ଭୂଇଁ, ପି-ଧ୍ରୁବ ଭୂଇଁ, ସ୍ୱା-ଚୌଦ୍ୱାର
	ପରସା	୧୯୩	ବେସରକାରୀ	ଦଣ୍ଡ	୦.୧୭୦	ଶ୍ୟାମଳ ଭୂଇଁ, ପି-ବଞ୍ଚାନିଧି ଭୂଇଁ, ସ୍ୱା-ପରସା, ଥାନା-ଟାଙ୍ଗୀ, ଜିଲ୍ଲା-କଟକ
	ପରସା	୧୯୪	ବେସରକାରୀ	ଦଣ୍ଡ	୦.୦୫୦	ଶିଶିରକାନ୍ତ ପ୍ରଧାନ, ଶତ୍ରୁ ଗୋପାଳ, ପି-ନାରାୟଣ ପ୍ରଧାନ, ସ୍ୱା-ମିରା ରାଜଗୀତ୍ରି ନଗର, ପ୍ଲଟ୍ ନଂ ୩୨୭, ଭଜନପୁର, କଟକ
	ପରସା	୧୯୫	ବେସରକାରୀ	ଦଣ୍ଡ	୦.୦୩୦	ଶ୍ରୀମତୀ ଶାନ୍ତିଲତା ବିଶ୍ୱାଳ, ପି-ଅରକ୍ଷିତ ବିଶ୍ୱାଳ, ସ୍ୱା-ଜଗତସିଂହପୁର, ଥାନା-ମହୁଦାଳ, କଟକ
	ପରସା	୧୯୬	ବେସରକାରୀ	ଦଣ୍ଡ	୦.୨୪୮	ପ୍ରଫୁଲ୍ଲ ଭୂମାର ସ୍ୱାଇଁ, ପି-ପୂର୍ଣ୍ଣଚନ୍ଦ୍ର ସ୍ୱାଇଁ, ଅମର ଭୂମାର ଭଗତ୍ରାୟ, ପି-ସୁଦର୍ଶନ ଭଗତ୍ରାୟ, ଭୁବନ ଭୂମାର ଦାସ, ପି-ଦଦିର ଦାସ, ପି-ଗ୍ରାମ ଦେବୀ, ମହେଶ ସୋରେନ, ମହେଶ ସାହାନ, ପି-କୈକେଶ ସୋମନ, ମହାଦେବ ସାହୁ, ପି-ମୋହନ ସାହୁ, ପି-ବାସୁଦେବ ଗରାନ, ପି-ଗିରି ଗୋପାଳ, ପି-ନୀଳ ମିଶ୍ର, ମାଧବ ନାୟକ, ମହେଶ ସାହାନ
See Next Page
